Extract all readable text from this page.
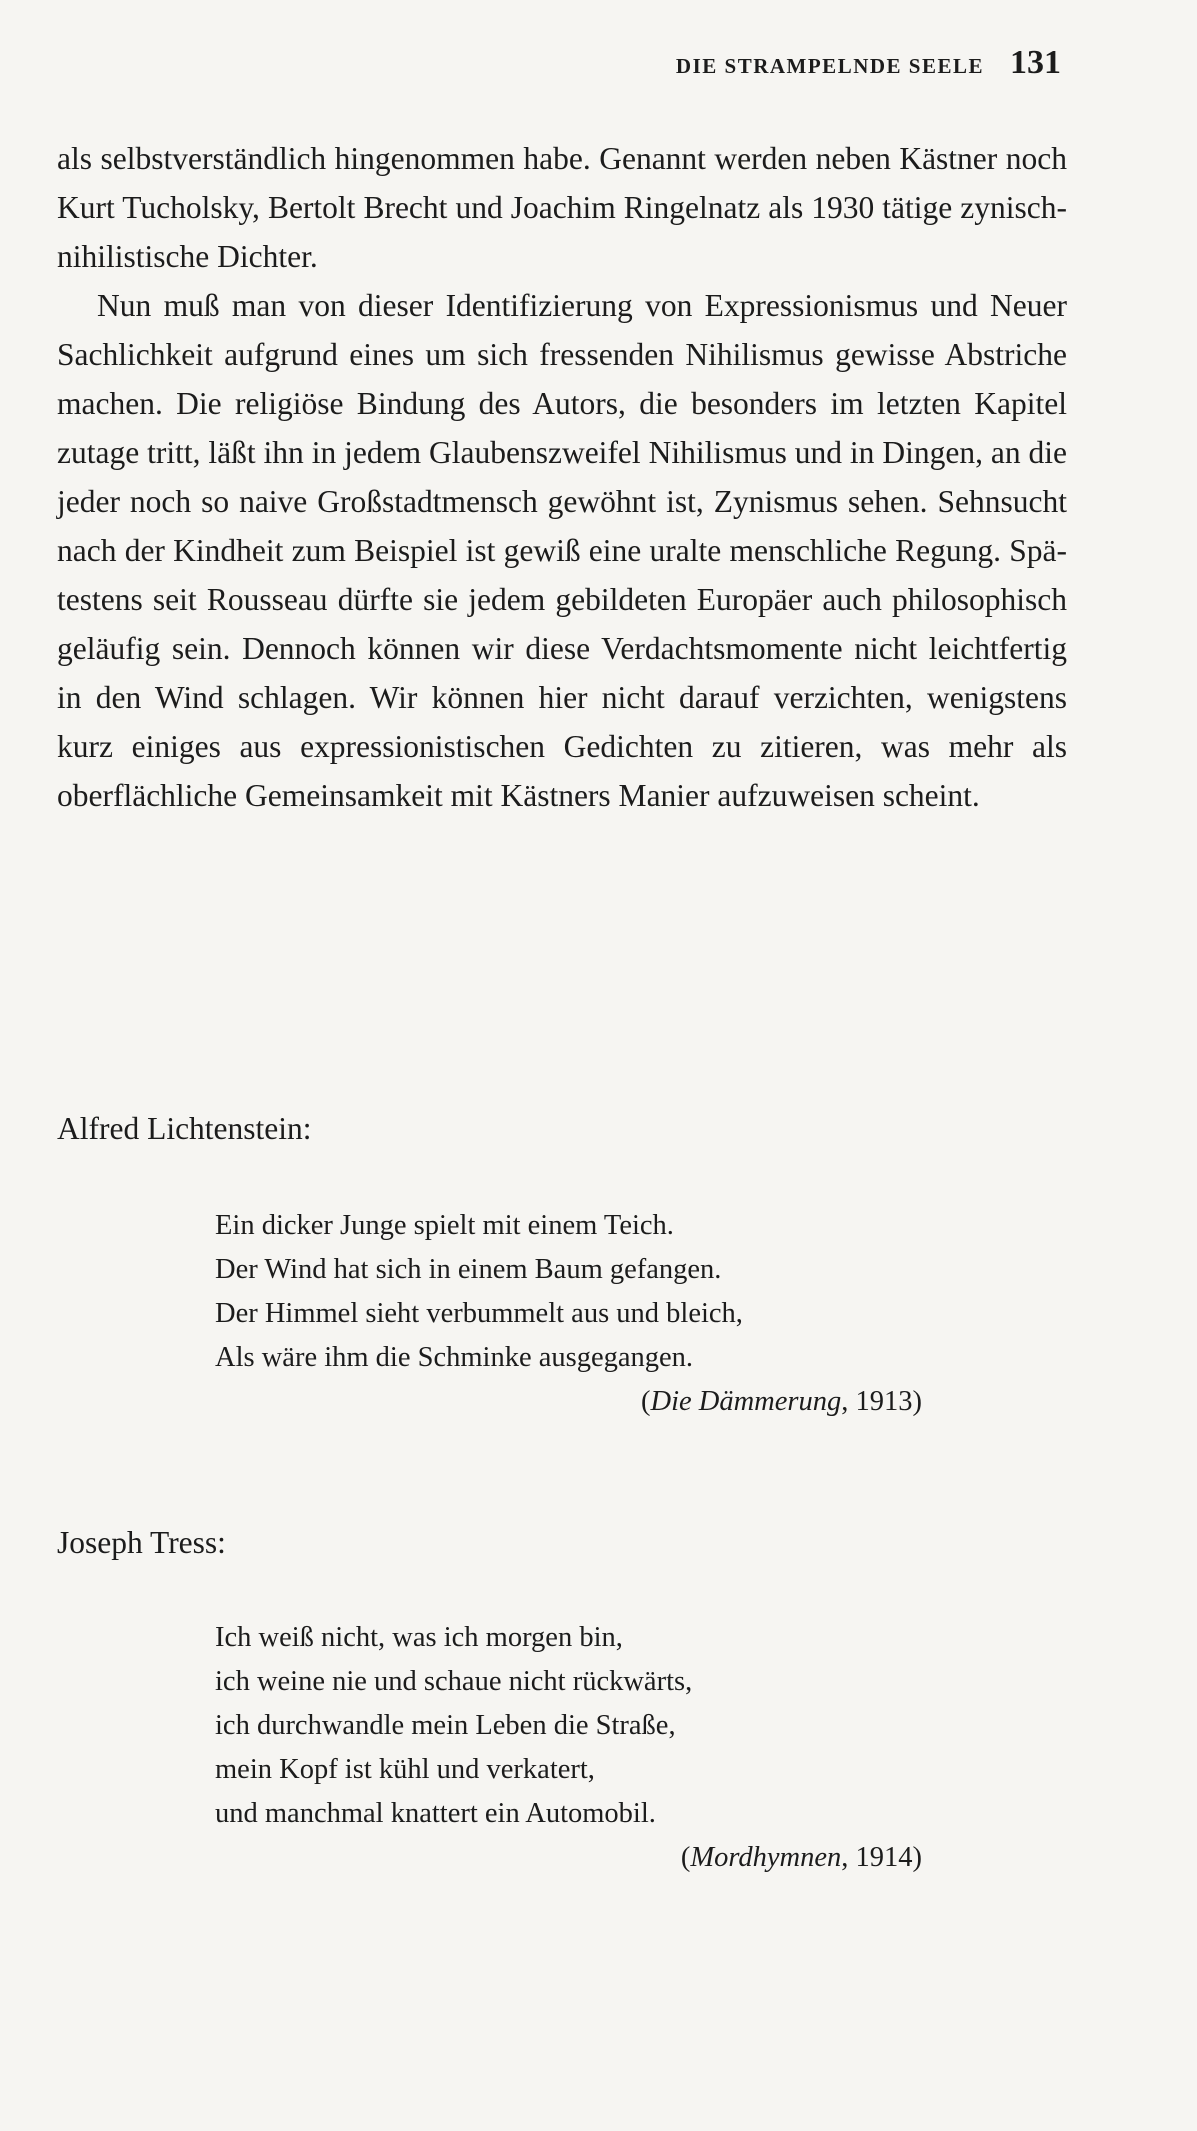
DIE STRAMPELNDE SEELE 131

als selbstverständlich hingenommen habe. Genannt werden neben Kästner noch Kurt Tucholsky, Bertolt Brecht und Joachim Ringelnatz als 1930 tätige zynisch-nihilistische Dichter.

Nun muß man von dieser Identifizierung von Expressionismus und Neuer Sachlichkeit aufgrund eines um sich fressenden Nihilismus gewisse Abstriche machen. Die religiöse Bindung des Autors, die besonders im letzten Kapitel zutage tritt, läßt ihn in jedem Glaubenszweifel Nihilismus und in Dingen, an die jeder noch so naive Großstadtmensch gewöhnt ist, Zynismus sehen. Sehnsucht nach der Kindheit zum Beispiel ist gewiß eine uralte menschliche Regung. Spätestens seit Rousseau dürfte sie jedem gebildeten Europäer auch philosophisch geläufig sein. Dennoch können wir diese Verdachtsmomente nicht leichtfertig in den Wind schlagen. Wir können hier nicht darauf verzichten, wenigstens kurz einiges aus expressionistischen Gedichten zu zitieren, was mehr als oberflächliche Gemeinsamkeit mit Kästners Manier aufzuweisen scheint.

Alfred Lichtenstein:
Ein dicker Junge spielt mit einem Teich.
Der Wind hat sich in einem Baum gefangen.
Der Himmel sieht verbummelt aus und bleich,
Als wäre ihm die Schminke ausgegangen.
(Die Dämmerung, 1913)
Joseph Tress:
Ich weiß nicht, was ich morgen bin,
ich weine nie und schaue nicht rückwärts,
ich durchwandle mein Leben die Straße,
mein Kopf ist kühl und verkatert,
und manchmal knattert ein Automobil.
(Mordhymnen, 1914)
